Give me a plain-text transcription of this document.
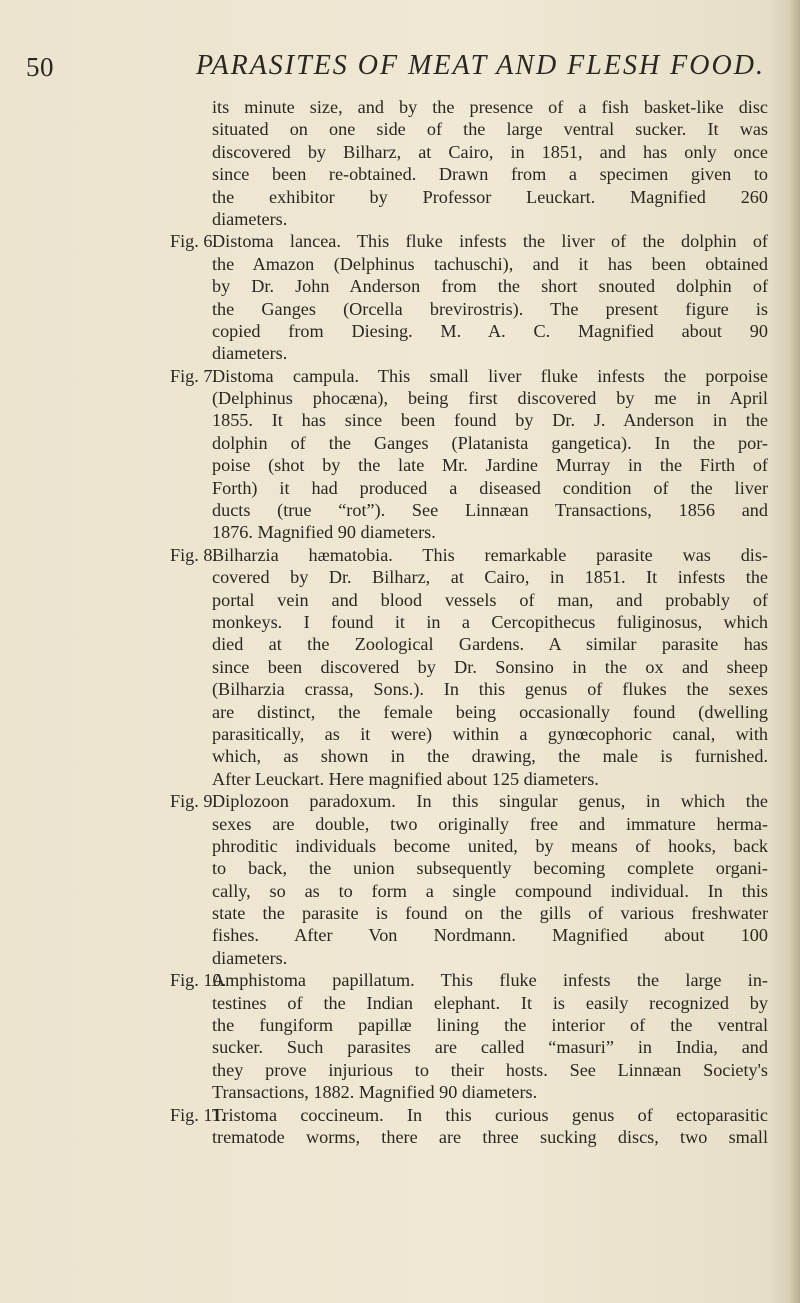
50	PARASITES OF MEAT AND FLESH FOOD.
its minute size, and by the presence of a fish basket-like disc
situated on one side of the large ventral sucker. It was
discovered by Bilharz, at Cairo, in 1851, and has only once
since been re-obtained. Drawn from a specimen given to
the exhibitor by Professor Leuckart. Magnified 260
diameters.
Fig. 6.
Distoma lancea. This fluke infests the liver of the dolphin of
the Amazon (Delphinus tachuschi), and it has been obtained
by Dr. John Anderson from the short snouted dolphin of
the Ganges (Orcella brevirostris). The present figure is
copied from Diesing. M. A. C. Magnified about 90
diameters.
Fig. 7.
Distoma campula. This small liver fluke infests the porpoise
(Delphinus phocæna), being first discovered by me in April
1855. It has since been found by Dr. J. Anderson in the
dolphin of the Ganges (Platanista gangetica). In the por-
poise (shot by the late Mr. Jardine Murray in the Firth of
Forth) it had produced a diseased condition of the liver
ducts (true “rot”). See Linnæan Transactions, 1856 and
1876. Magnified 90 diameters.
Fig. 8.
Bilharzia hæmatobia. This remarkable parasite was dis-
covered by Dr. Bilharz, at Cairo, in 1851. It infests the
portal vein and blood vessels of man, and probably of
monkeys. I found it in a Cercopithecus fuliginosus, which
died at the Zoological Gardens. A similar parasite has
since been discovered by Dr. Sonsino in the ox and sheep
(Bilharzia crassa, Sons.). In this genus of flukes the sexes
are distinct, the female being occasionally found (dwelling
parasitically, as it were) within a gynœcophoric canal, with
which, as shown in the drawing, the male is furnished.
After Leuckart. Here magnified about 125 diameters.
Fig. 9.
Diplozoon paradoxum. In this singular genus, in which the
sexes are double, two originally free and immature herma-
phroditic individuals become united, by means of hooks, back
to back, the union subsequently becoming complete organi-
cally, so as to form a single compound individual. In this
state the parasite is found on the gills of various freshwater
fishes. After Von Nordmann. Magnified about 100
diameters.
Fig. 10.
Amphistoma papillatum. This fluke infests the large in-
testines of the Indian elephant. It is easily recognized by
the fungiform papillæ lining the interior of the ventral
sucker. Such parasites are called “masuri” in India, and
they prove injurious to their hosts. See Linnæan Society's
Transactions, 1882. Magnified 90 diameters.
Fig. 11.
Tristoma coccineum. In this curious genus of ectoparasitic
trematode worms, there are three sucking discs, two small
